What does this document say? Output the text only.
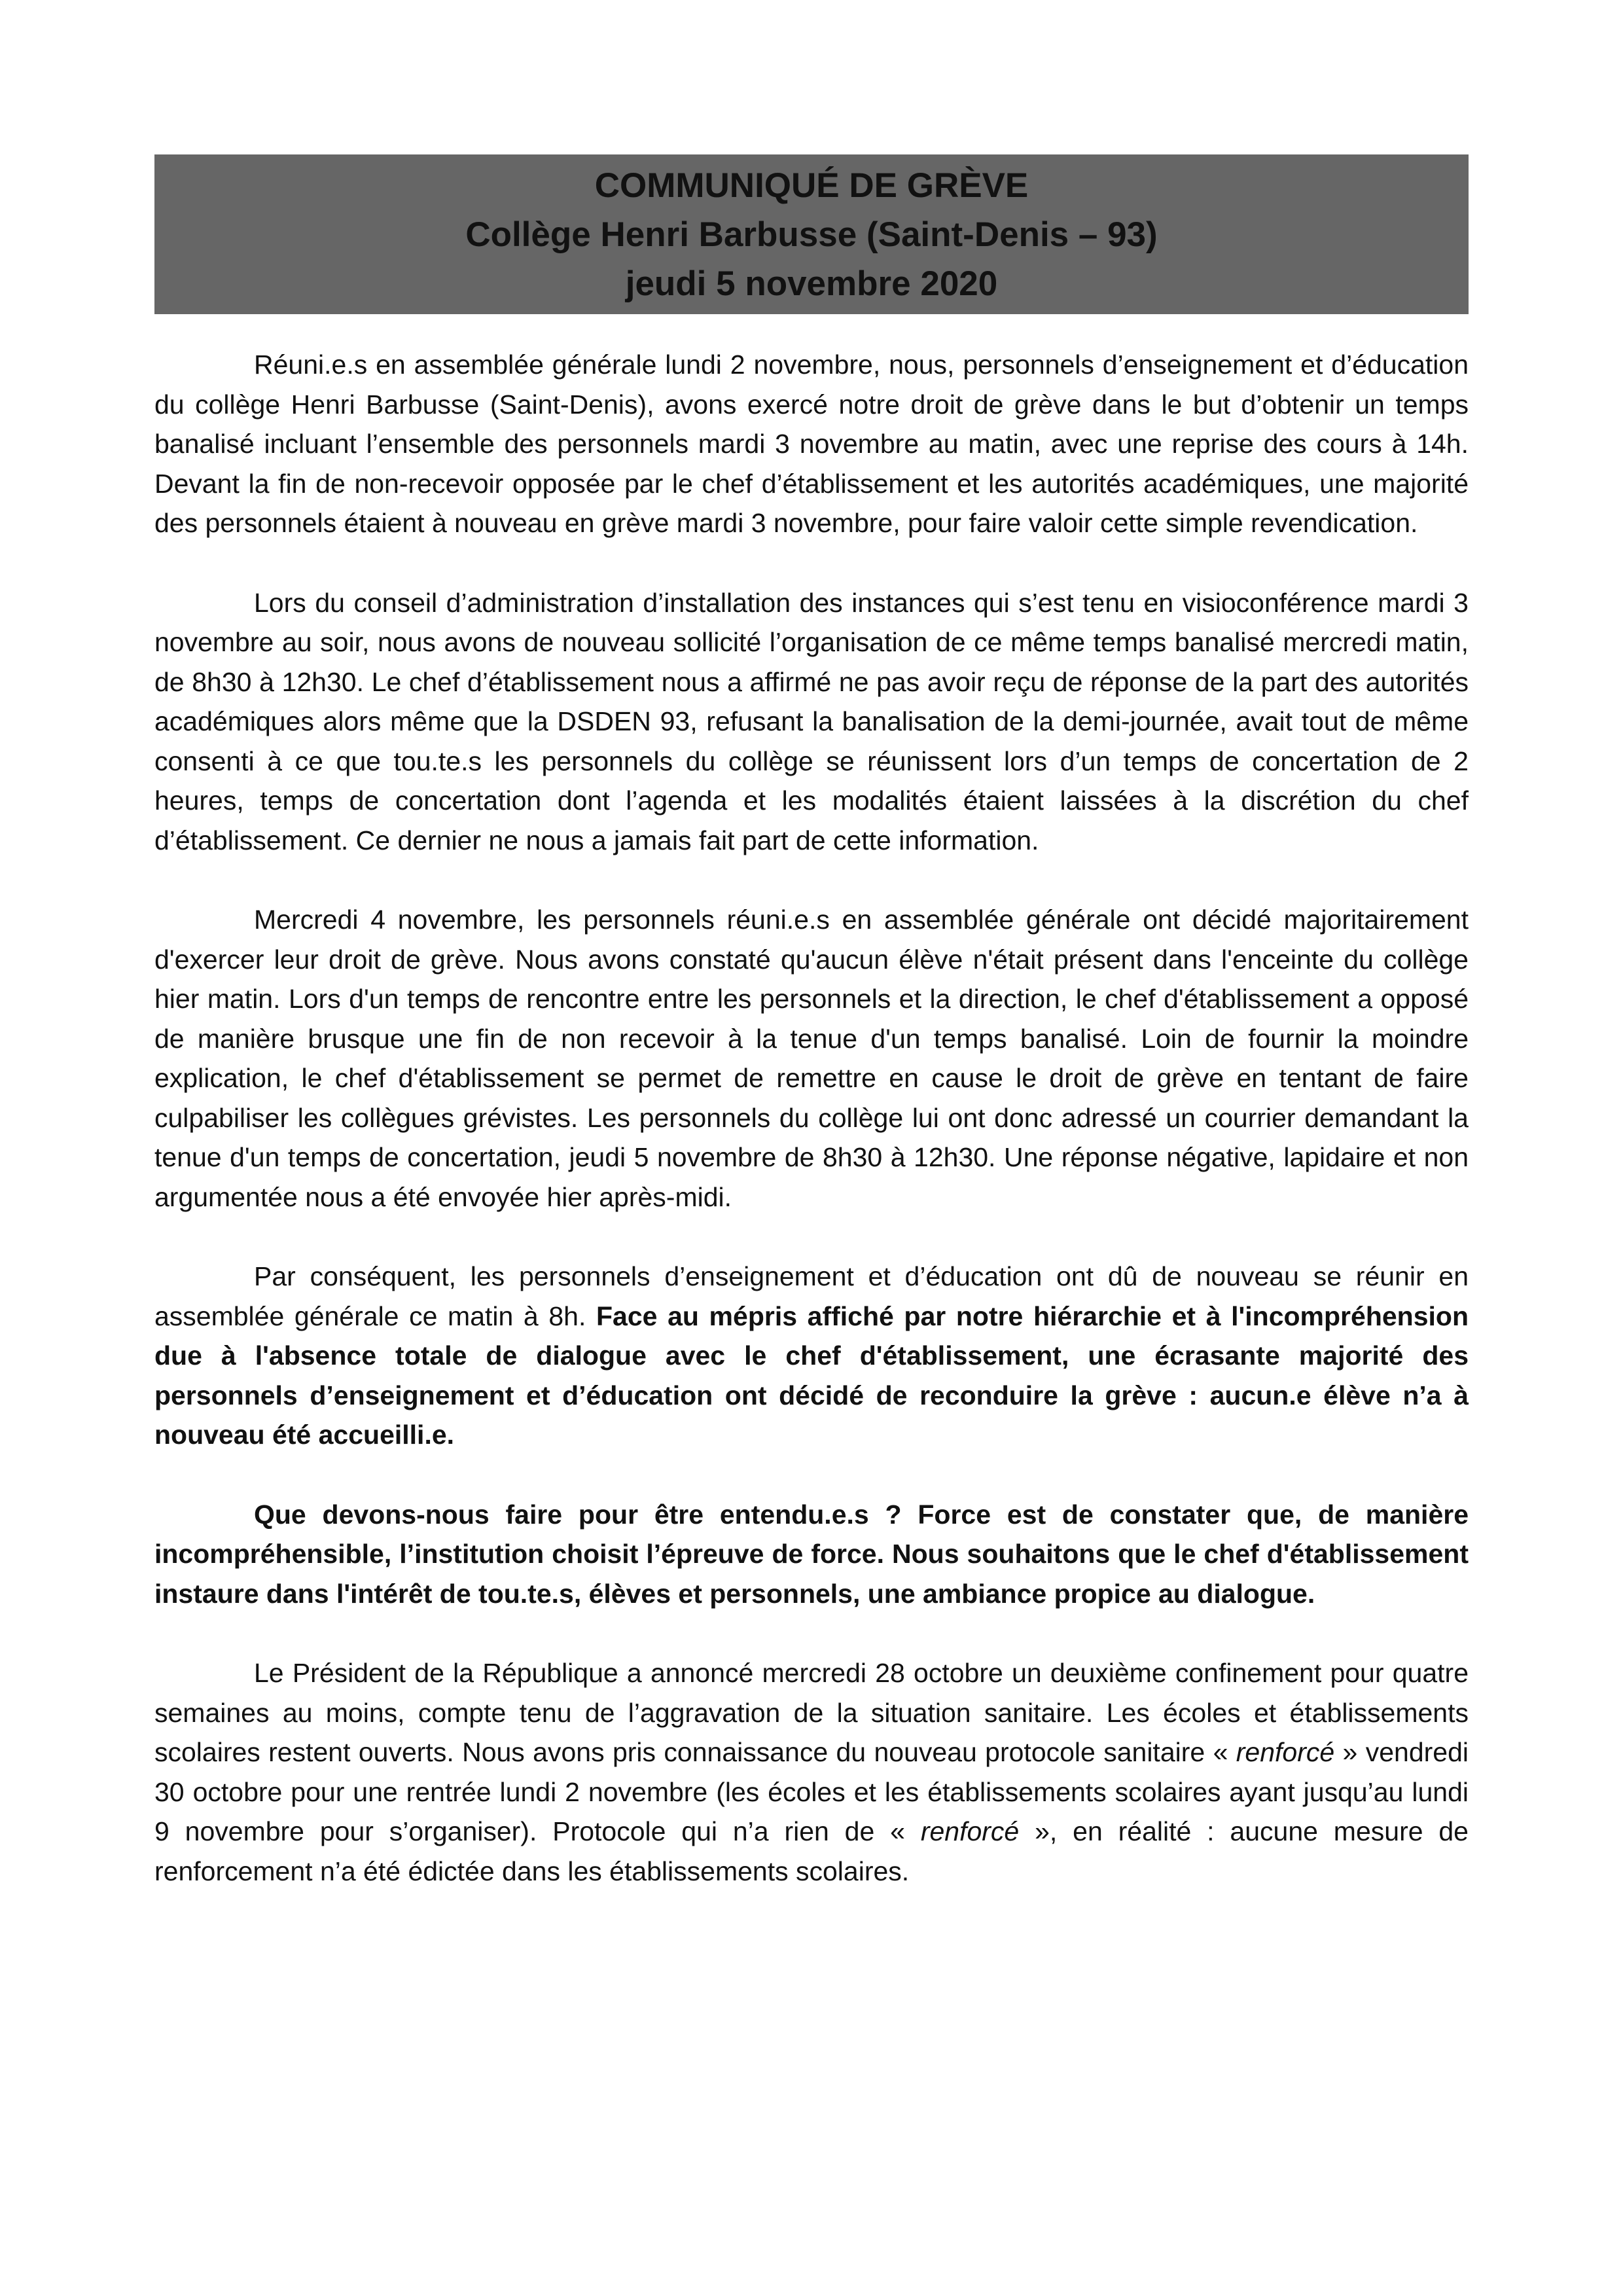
COMMUNIQUÉ DE GRÈVE
Collège Henri Barbusse (Saint-Denis – 93)
jeudi 5 novembre 2020

Réuni.e.s en assemblée générale lundi 2 novembre, nous, personnels d’enseignement et d’éducation du collège Henri Barbusse (Saint-Denis), avons exercé notre droit de grève dans le but d’obtenir un temps banalisé incluant l’ensemble des personnels mardi 3 novembre au matin, avec une reprise des cours à 14h. Devant la fin de non-recevoir opposée par le chef d’établissement et les autorités académiques, une majorité des personnels étaient à nouveau en grève mardi 3 novembre, pour faire valoir cette simple revendication.

Lors du conseil d’administration d’installation des instances qui s’est tenu en visioconférence mardi 3 novembre au soir, nous avons de nouveau sollicité l’organisation de ce même temps banalisé mercredi matin, de 8h30 à 12h30. Le chef d’établissement nous a affirmé ne pas avoir reçu de réponse de la part des autorités académiques alors même que la DSDEN 93, refusant la banalisation de la demi-journée, avait tout de même consenti à ce que tou.te.s les personnels du collège se réunissent lors d’un temps de concertation de 2 heures, temps de concertation dont l’agenda et les modalités étaient laissées à la discrétion du chef d’établissement. Ce dernier ne nous a jamais fait part de cette information.

Mercredi 4 novembre, les personnels réuni.e.s en assemblée générale ont décidé majoritairement d'exercer leur droit de grève. Nous avons constaté qu'aucun élève n'était présent dans l'enceinte du collège hier matin. Lors d'un temps de rencontre entre les personnels et la direction, le chef d'établissement a opposé de manière brusque une fin de non recevoir à la tenue d'un temps banalisé. Loin de fournir la moindre explication, le chef d'établissement se permet de remettre en cause le droit de grève en tentant de faire culpabiliser les collègues grévistes. Les personnels du collège lui ont donc adressé un courrier demandant la tenue d'un temps de concertation, jeudi 5 novembre de 8h30 à 12h30. Une réponse négative, lapidaire et non argumentée nous a été envoyée hier après-midi.

Par conséquent, les personnels d’enseignement et d’éducation ont dû de nouveau se réunir en assemblée générale ce matin à 8h. Face au mépris affiché par notre hiérarchie et à l'incompréhension due à l'absence totale de dialogue avec le chef d'établissement, une écrasante majorité des personnels d’enseignement et d’éducation ont décidé de reconduire la grève : aucun.e élève n’a à nouveau été accueilli.e.

Que devons-nous faire pour être entendu.e.s ? Force est de constater que, de manière incompréhensible, l’institution choisit l’épreuve de force. Nous souhaitons que le chef d'établissement instaure dans l'intérêt de tou.te.s, élèves et personnels, une ambiance propice au dialogue.

Le Président de la République a annoncé mercredi 28 octobre un deuxième confinement pour quatre semaines au moins, compte tenu de l’aggravation de la situation sanitaire. Les écoles et établissements scolaires restent ouverts. Nous avons pris connaissance du nouveau protocole sanitaire « renforcé » vendredi 30 octobre pour une rentrée lundi 2 novembre (les écoles et les établissements scolaires ayant jusqu’au lundi 9 novembre pour s’organiser). Protocole qui n’a rien de « renforcé », en réalité : aucune mesure de renforcement n’a été édictée dans les établissements scolaires.
